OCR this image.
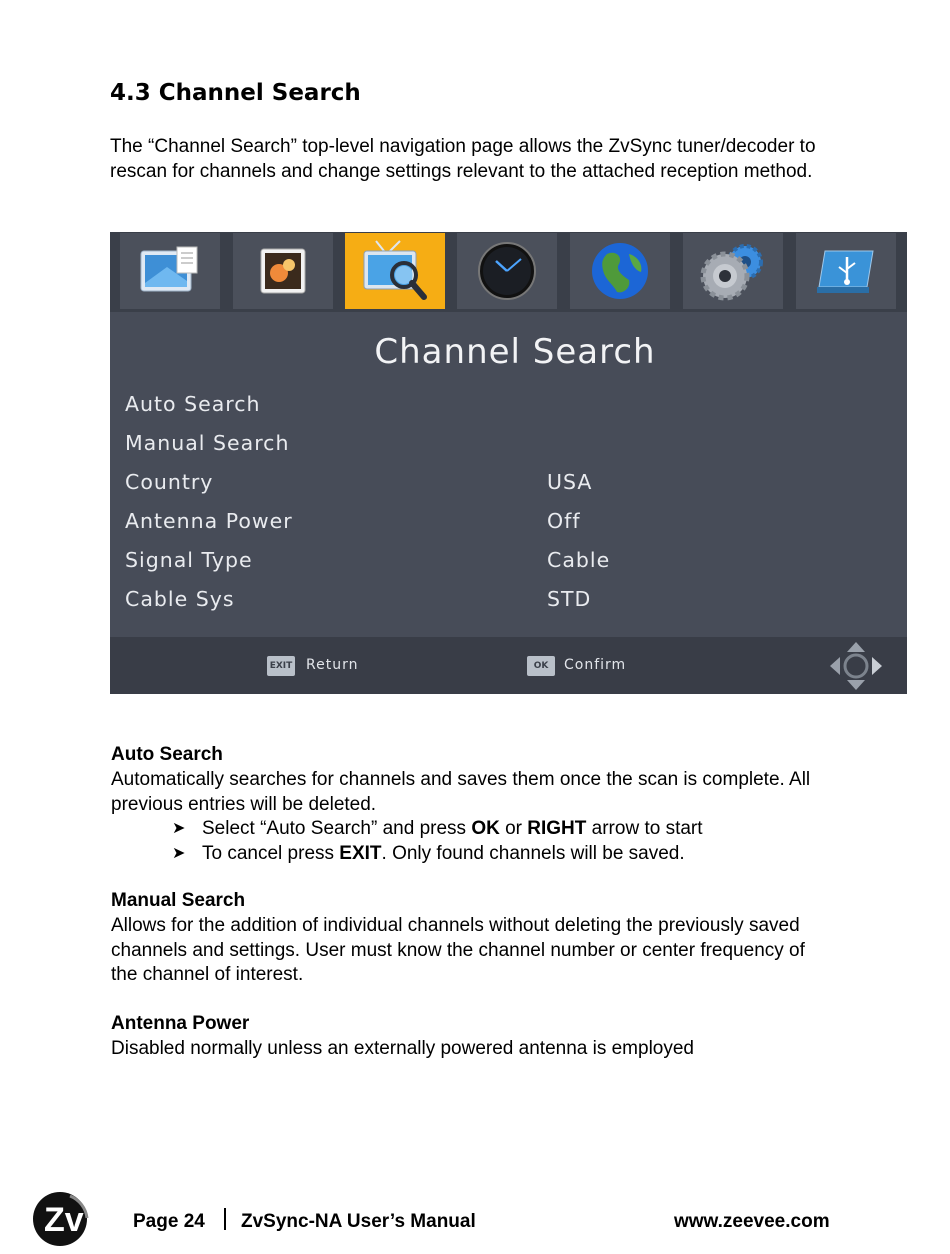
4.3 Channel Search
The “Channel Search” top-level navigation page allows the ZvSync tuner/decoder to rescan for channels and change settings relevant to the attached reception method.
Channel Search
Auto Search
Manual Search
Country	USA
Antenna Power	Off
Signal Type	Cable
Cable Sys	STD
EXIT Return	OK	Confirm
Auto Search
Automatically searches for channels and saves them once the scan is complete. All previous entries will be deleted.
➤ Select “Auto Search” and press OK or RIGHT arrow to start
➤ To cancel press EXIT. Only found channels will be saved.
Manual Search
Allows for the addition of individual channels without deleting the previously saved channels and settings. User must know the channel number or center frequency of the channel of interest.
Antenna Power
Disabled normally unless an externally powered antenna is employed
Zv	Page 24 ZvSync-NA User’s Manual	www.zeevee.com
